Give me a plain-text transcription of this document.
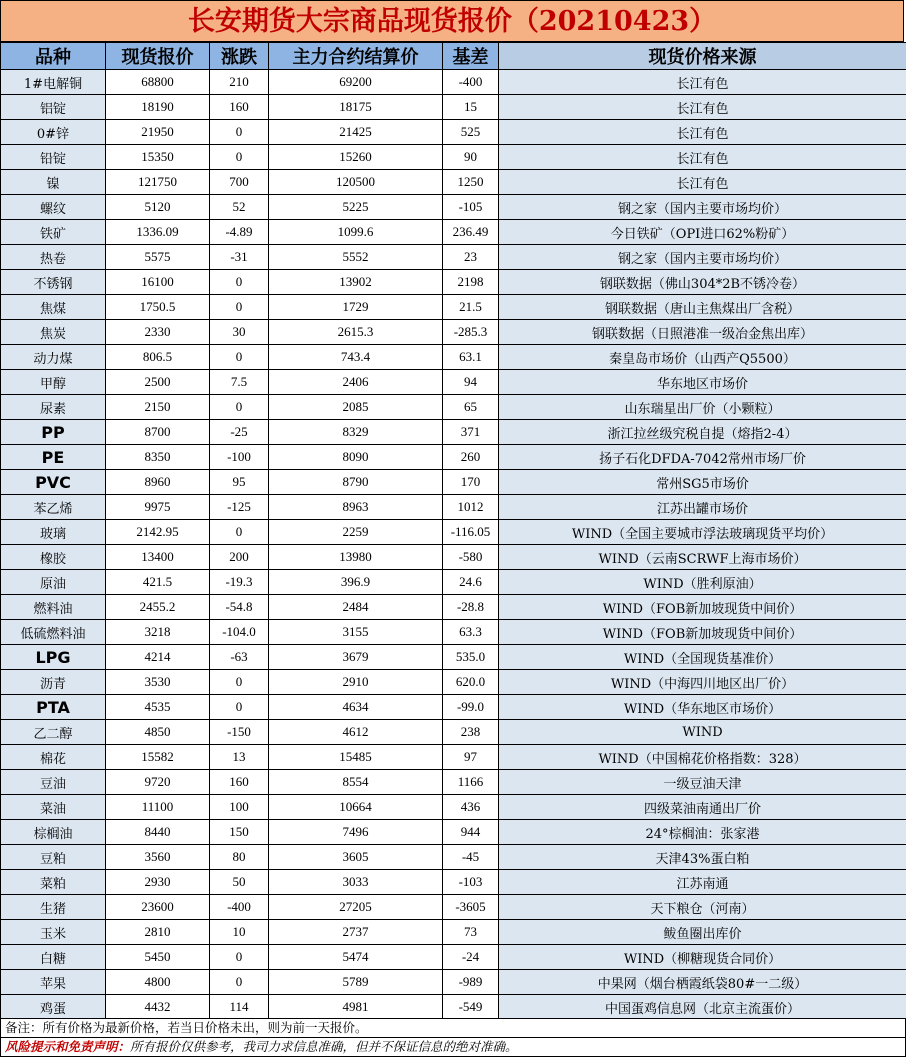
长安期货大宗商品现货报价（20210423）
品种	现货报价	涨跌	主力合约结算价	基差	现货价格来源
1#电解铜	68800	210	69200	-400	长江有色
铝锭	18190	160	18175	15	长江有色
0#锌	21950	0	21425	525	长江有色
铅锭	15350	0	15260	90	长江有色
镍	121750	700	120500	1250	长江有色
螺纹	5120	52	5225	-105	钢之家（国内主要市场均价）
铁矿	1336.09	-4.89	1099.6	236.49	今日铁矿（OPI进口62%粉矿）
热卷	5575	-31	5552	23	钢之家（国内主要市场均价）
不锈钢	16100	0	13902	2198	钢联数据（佛山304*2B不锈冷卷）
焦煤	1750.5	0	1729	21.5	钢联数据（唐山主焦煤出厂含税）
焦炭	2330	30	2615.3	-285.3	钢联数据（日照港准一级冶金焦出库）
动力煤	806.5	0	743.4	63.1	秦皇岛市场价（山西产Q5500）
甲醇	2500	7.5	2406	94	华东地区市场价
尿素	2150	0	2085	65	山东瑞星出厂价（小颗粒）
PP	8700	-25	8329	371	浙江拉丝级究税自提（熔指2-4）
PE	8350	-100	8090	260	扬子石化DFDA-7042常州市场厂价
PVC	8960	95	8790	170	常州SG5市场价
苯乙烯	9975	-125	8963	1012	江苏出罐市场价
玻璃	2142.95	0	2259	-116.05	WIND（全国主要城市浮法玻璃现货平均价）
橡胶	13400	200	13980	-580	WIND（云南SCRWF上海市场价）
原油	421.5	-19.3	396.9	24.6	WIND（胜利原油）
燃料油	2455.2	-54.8	2484	-28.8	WIND（FOB新加坡现货中间价）
低硫燃料油	3218	-104.0	3155	63.3	WIND（FOB新加坡现货中间价）
LPG	4214	-63	3679	535.0	WIND（全国现货基准价）
沥青	3530	0	2910	620.0	WIND（中海四川地区出厂价）
PTA	4535	0	4634	-99.0	WIND（华东地区市场价）
乙二醇	4850	-150	4612	238	WIND
棉花	15582	13	15485	97	WIND（中国棉花价格指数：328）
豆油	9720	160	8554	1166	一级豆油天津
菜油	11100	100	10664	436	四级菜油南通出厂价
棕榈油	8440	150	7496	944	24°棕榈油：张家港
豆粕	3560	80	3605	-45	天津43%蛋白粕
菜粕	2930	50	3033	-103	江苏南通
生猪	23600	-400	27205	-3605	天下粮仓（河南）
玉米	2810	10	2737	73	鲅鱼圈出库价
白糖	5450	0	5474	-24	WIND（柳糖现货合同价）
苹果	4800	0	5789	-989	中果网（烟台栖霞纸袋80#一二级）
鸡蛋	4432	114	4981	-549	中国蛋鸡信息网（北京主流蛋价）
备注：所有价格为最新价格，若当日价格未出，则为前一天报价。
风险提示和免责声明：所有报价仅供参考，我司力求信息准确，但并不保证信息的绝对准确。
